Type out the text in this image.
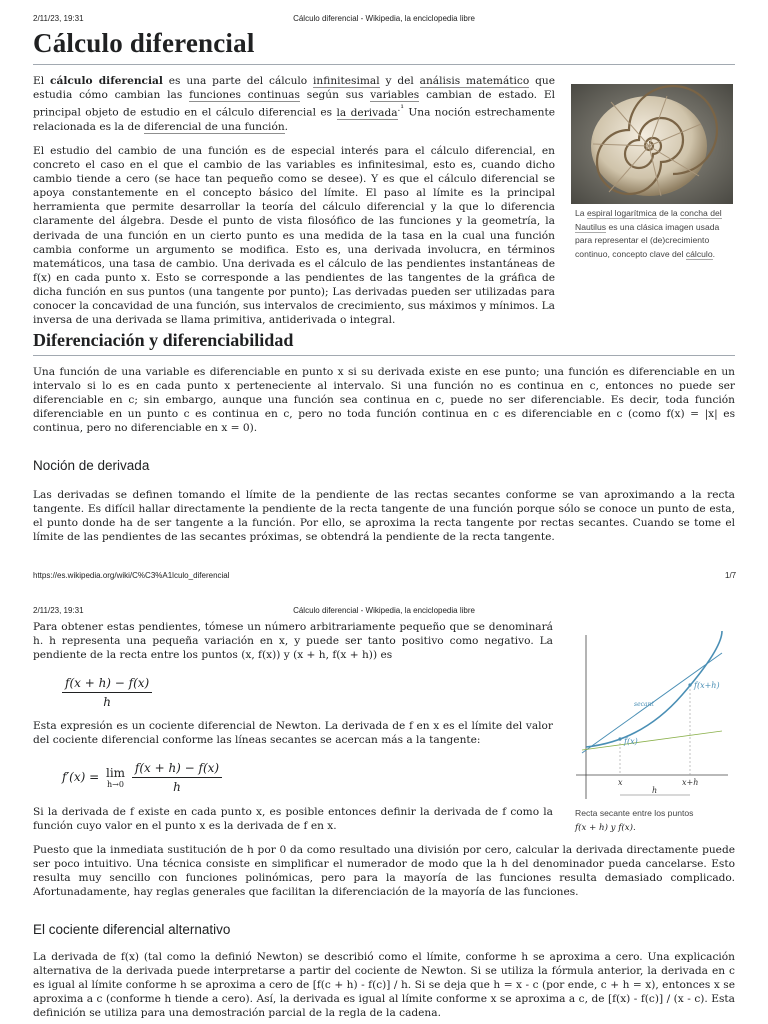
2/11/23, 19:31	Cálculo diferencial - Wikipedia, la enciclopedia libre
Cálculo diferencial

El cálculo diferencial es una parte del cálculo infinitesimal y del análisis matemático que estudia cómo cambian las funciones continuas según sus variables cambian de estado. El principal objeto de estudio en el cálculo diferencial es la derivada$^{.^1}$ Una noción estrechamente relacionada es la de diferencial de una función.

El estudio del cambio de una función es de especial interés para el cálculo diferencial, en concreto el caso en el que el cambio de las variables es infinitesimal, esto es, cuando dicho cambio tiende a cero (se hace tan pequeño como se desee). Y es que el cálculo diferencial se apoya constantemente en el concepto básico del límite. El paso al límite es la principal herramienta que permite desarrollar la teoría del cálculo diferencial y la que lo diferencia claramente del álgebra. Desde el punto de vista filosófico de las funciones y la geometría, la derivada de una función en un cierto punto es una medida de la tasa en la cual una función cambia conforme un argumento se modifica. Esto es, una derivada involucra, en términos matemáticos, una tasa de cambio. Una derivada es el cálculo de las pendientes instantáneas de f(x) en cada punto x. Esto se corresponde a las pendientes de las tangentes de la gráfica de dicha función en sus puntos (una tangente por punto); Las derivadas pueden ser utilizadas para conocer la concavidad de una función, sus intervalos de crecimiento, sus máximos y mínimos. La inversa de una derivada se llama primitiva, antiderivada o integral.

La espiral logarítmica de la concha del Nautilus es una clásica imagen usada para representar el (de)crecimiento continuo, concepto clave del cálculo.

Diferenciación y diferenciabilidad

Una función de una variable es diferenciable en punto x si su derivada existe en ese punto; una función es diferenciable en un intervalo si lo es en cada punto x perteneciente al intervalo. Si una función no es continua en c, entonces no puede ser diferenciable en c; sin embargo, aunque una función sea continua en c, puede no ser diferenciable. Es decir, toda función diferenciable en un punto c es continua en c, pero no toda función continua en c es diferenciable en c (como f(x) = |x| es continua, pero no diferenciable en x = 0).

Noción de derivada

Las derivadas se definen tomando el límite de la pendiente de las rectas secantes conforme se van aproximando a la recta tangente. Es difícil hallar directamente la pendiente de la recta tangente de una función porque sólo se conoce un punto de esta, el punto donde ha de ser tangente a la función. Por ello, se aproxima la recta tangente por rectas secantes. Cuando se tome el límite de las pendientes de las secantes próximas, se obtendrá la pendiente de la recta tangente.

https://es.wikipedia.org/wiki/C%C3%A1lculo_diferencial	1/7
2/11/23, 19:31	Cálculo diferencial - Wikipedia, la enciclopedia libre

Para obtener estas pendientes, tómese un número arbitrariamente pequeño que se denominará h. h representa una pequeña variación en x, y puede ser tanto positivo como negativo. La pendiente de la recta entre los puntos (x, f(x)) y (x + h, f(x + h)) es

$\frac{f(x + h) - f(x)}{h}$

Esta expresión es un cociente diferencial de Newton. La derivada de f en x es el límite del valor del cociente diferencial conforme las líneas secantes se acercan más a la tangente:

f′(x) = lim
h→0
$\frac{f(x + h) - f(x)}{h}$

Si la derivada de f existe en cada punto x, es posible entonces definir la derivada de f como la función cuyo valor en el punto x es la derivada de f en x.

Puesto que la inmediata sustitución de h por 0 da como resultado una división por cero, calcular la derivada directamente puede ser poco intuitivo. Una técnica consiste en simplificar el numerador de modo que la h del denominador pueda cancelarse. Esto resulta muy sencillo con funciones polinómicas, pero para la mayoría de las funciones resulta demasiado complicado. Afortunadamente, hay reglas generales que facilitan la diferenciación de la mayoría de las funciones.

f(x+h)
f(x)
secant
x	x+h
h

Recta secante entre los puntos
f(x + h) y f(x).

El cociente diferencial alternativo

La derivada de f(x) (tal como la definió Newton) se describió como el límite, conforme h se aproxima a cero. Una explicación alternativa de la derivada puede interpretarse a partir del cociente de Newton. Si se utiliza la fórmula anterior, la derivada en c es igual al límite conforme h se aproxima a cero de [f(c + h) - f(c)] / h. Si se deja que h = x - c (por ende, c + h = x), entonces x se aproxima a c (conforme h tiende a cero). Así, la derivada es igual al límite conforme x se aproxima a c, de [f(x) - f(c)] / (x - c). Esta definición se utiliza para una demostración parcial de la regla de la cadena.
